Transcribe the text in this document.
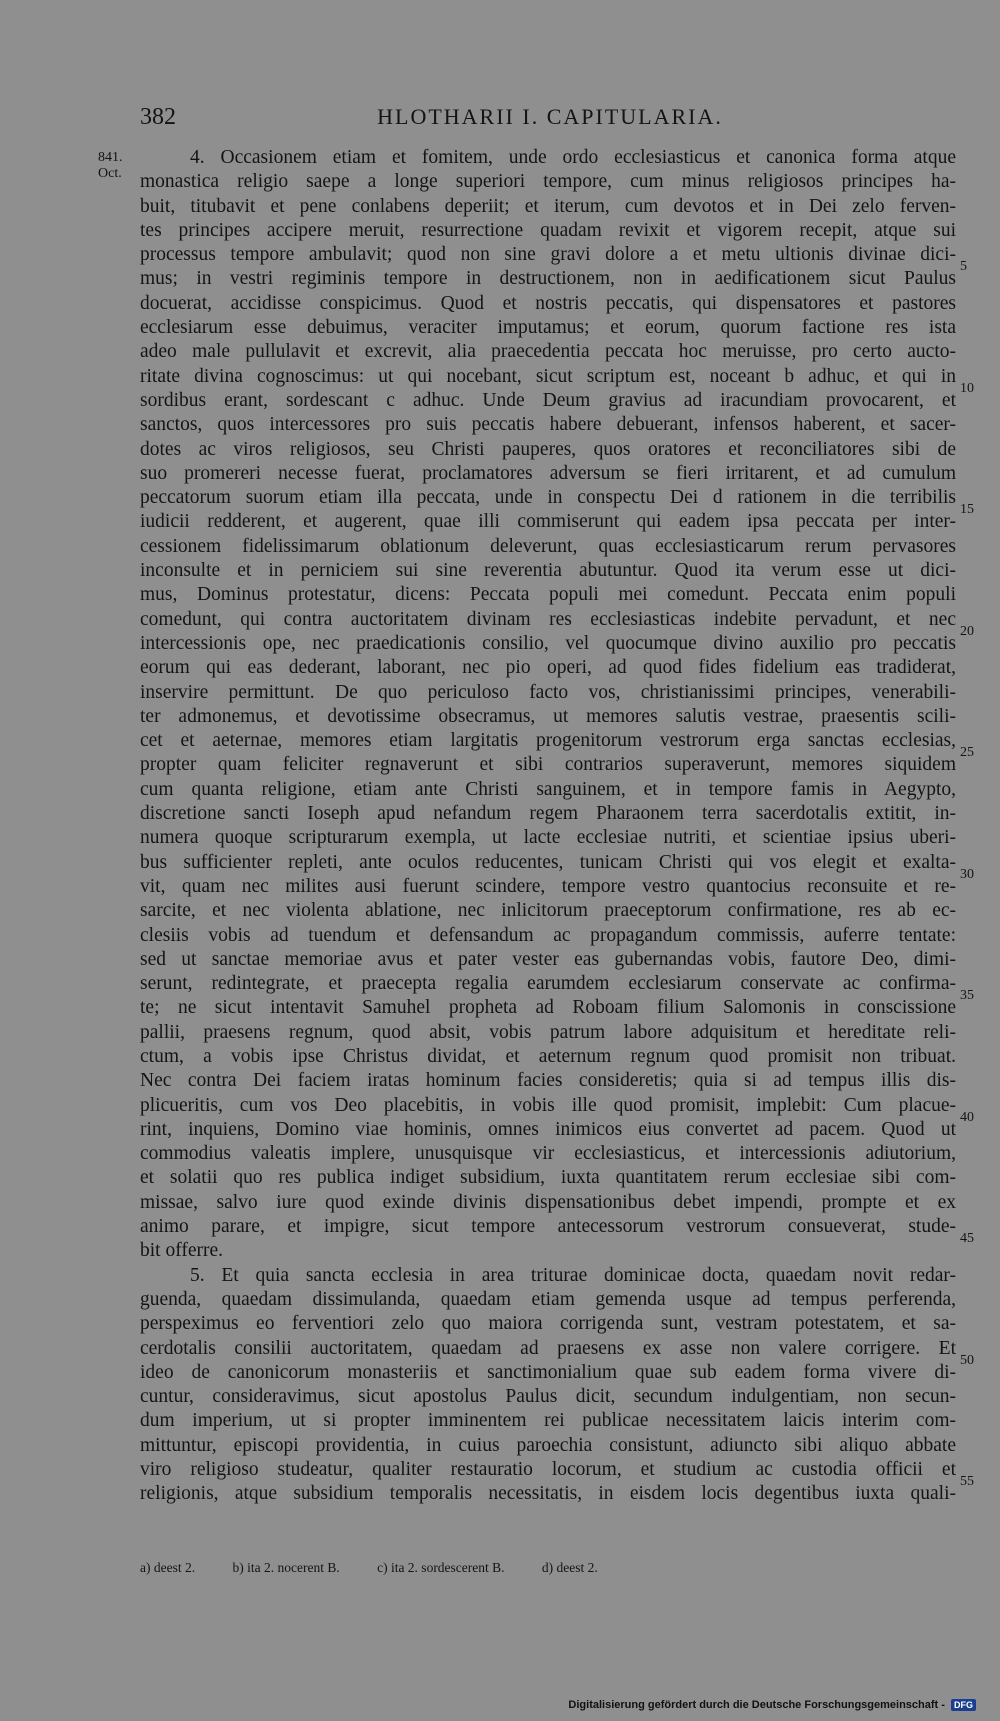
382	HLOTHARII I. CAPITULARIA.
841.
Oct.
4. Occasionem etiam et fomitem, unde ordo ecclesiasticus et canonica forma atque
monastica religio saepe a longe superiori tempore, cum minus religiosos principes ha-
buit, titubavit et pene conlabens deperiit; et iterum, cum devotos et in Dei zelo ferven-
tes principes accipere meruit, resurrectione quadam revixit et vigorem recepit, atque sui
processus tempore ambulavit; quod non sine gravi dolore a et metu ultionis divinae dici-
mus; in vestri regiminis tempore in destructionem, non in aedificationem sicut Paulus
docuerat, accidisse conspicimus. Quod et nostris peccatis, qui dispensatores et pastores
ecclesiarum esse debuimus, veraciter imputamus; et eorum, quorum factione res ista
adeo male pullulavit et excrevit, alia praecedentia peccata hoc meruisse, pro certo aucto-
ritate divina cognoscimus: ut qui nocebant, sicut scriptum est, noceant b adhuc, et qui in
sordibus erant, sordescant c adhuc. Unde Deum gravius ad iracundiam provocarent, et
sanctos, quos intercessores pro suis peccatis habere debuerant, infensos haberent, et sacer-
dotes ac viros religiosos, seu Christi pauperes, quos oratores et reconciliatores sibi de
suo promereri necesse fuerat, proclamatores adversum se fieri irritarent, et ad cumulum
peccatorum suorum etiam illa peccata, unde in conspectu Dei d rationem in die terribilis
iudicii redderent, et augerent, quae illi commiserunt qui eadem ipsa peccata per inter-
cessionem fidelissimarum oblationum deleverunt, quas ecclesiasticarum rerum pervasores
inconsulte et in perniciem sui sine reverentia abutuntur. Quod ita verum esse ut dici-
mus, Dominus protestatur, dicens: Peccata populi mei comedunt. Peccata enim populi
comedunt, qui contra auctoritatem divinam res ecclesiasticas indebite pervadunt, et nec
intercessionis ope, nec praedicationis consilio, vel quocumque divino auxilio pro peccatis
eorum qui eas dederant, laborant, nec pio operi, ad quod fides fidelium eas tradiderat,
inservire permittunt. De quo periculoso facto vos, christianissimi principes, venerabili-
ter admonemus, et devotissime obsecramus, ut memores salutis vestrae, praesentis scili-
cet et aeternae, memores etiam largitatis progenitorum vestrorum erga sanctas ecclesias,
propter quam feliciter regnaverunt et sibi contrarios superaverunt, memores siquidem
cum quanta religione, etiam ante Christi sanguinem, et in tempore famis in Aegypto,
discretione sancti Ioseph apud nefandum regem Pharaonem terra sacerdotalis extitit, in-
numera quoque scripturarum exempla, ut lacte ecclesiae nutriti, et scientiae ipsius uberi-
bus sufficienter repleti, ante oculos reducentes, tunicam Christi qui vos elegit et exalta-
vit, quam nec milites ausi fuerunt scindere, tempore vestro quantocius reconsuite et re-
sarcite, et nec violenta ablatione, nec inlicitorum praeceptorum confirmatione, res ab ec-
clesiis vobis ad tuendum et defensandum ac propagandum commissis, auferre tentate:
sed ut sanctae memoriae avus et pater vester eas gubernandas vobis, fautore Deo, dimi-
serunt, redintegrate, et praecepta regalia earumdem ecclesiarum conservate ac confirma-
te; ne sicut intentavit Samuhel propheta ad Roboam filium Salomonis in conscissione
pallii, praesens regnum, quod absit, vobis patrum labore adquisitum et hereditate reli-
ctum, a vobis ipse Christus dividat, et aeternum regnum quod promisit non tribuat.
Nec contra Dei faciem iratas hominum facies consideretis; quia si ad tempus illis dis-
plicueritis, cum vos Deo placebitis, in vobis ille quod promisit, implebit: Cum placue-
rint, inquiens, Domino viae hominis, omnes inimicos eius convertet ad pacem. Quod ut
commodius valeatis implere, unusquisque vir ecclesiasticus, et intercessionis adiutorium,
et solatii quo res publica indiget subsidium, iuxta quantitatem rerum ecclesiae sibi com-
missae, salvo iure quod exinde divinis dispensationibus debet impendi, prompte et ex
animo parare, et impigre, sicut tempore antecessorum vestrorum consueverat, stude-
bit offerre.
5. Et quia sancta ecclesia in area triturae dominicae docta, quaedam novit redar-
guenda, quaedam dissimulanda, quaedam etiam gemenda usque ad tempus perferenda,
perspeximus eo ferventiori zelo quo maiora corrigenda sunt, vestram potestatem, et sa-
cerdotalis consilii auctoritatem, quaedam ad praesens ex asse non valere corrigere. Et
ideo de canonicorum monasteriis et sanctimonialium quae sub eadem forma vivere di-
cuntur, consideravimus, sicut apostolus Paulus dicit, secundum indulgentiam, non secun-
dum imperium, ut si propter imminentem rei publicae necessitatem laicis interim com-
mittuntur, episcopi providentia, in cuius paroechia consistunt, adiuncto sibi aliquo abbate
viro religioso studeatur, qualiter restauratio locorum, et studium ac custodia officii et
religionis, atque subsidium temporalis necessitatis, in eisdem locis degentibus iuxta quali-
5
10
15
20
25
30
35
40
45
50
55
a) deest 2.	b) ita 2. nocerent B.	c) ita 2. sordescerent B.	d) deest 2.
Digitalisierung gefördert durch die Deutsche Forschungsgemeinschaft - DFG
